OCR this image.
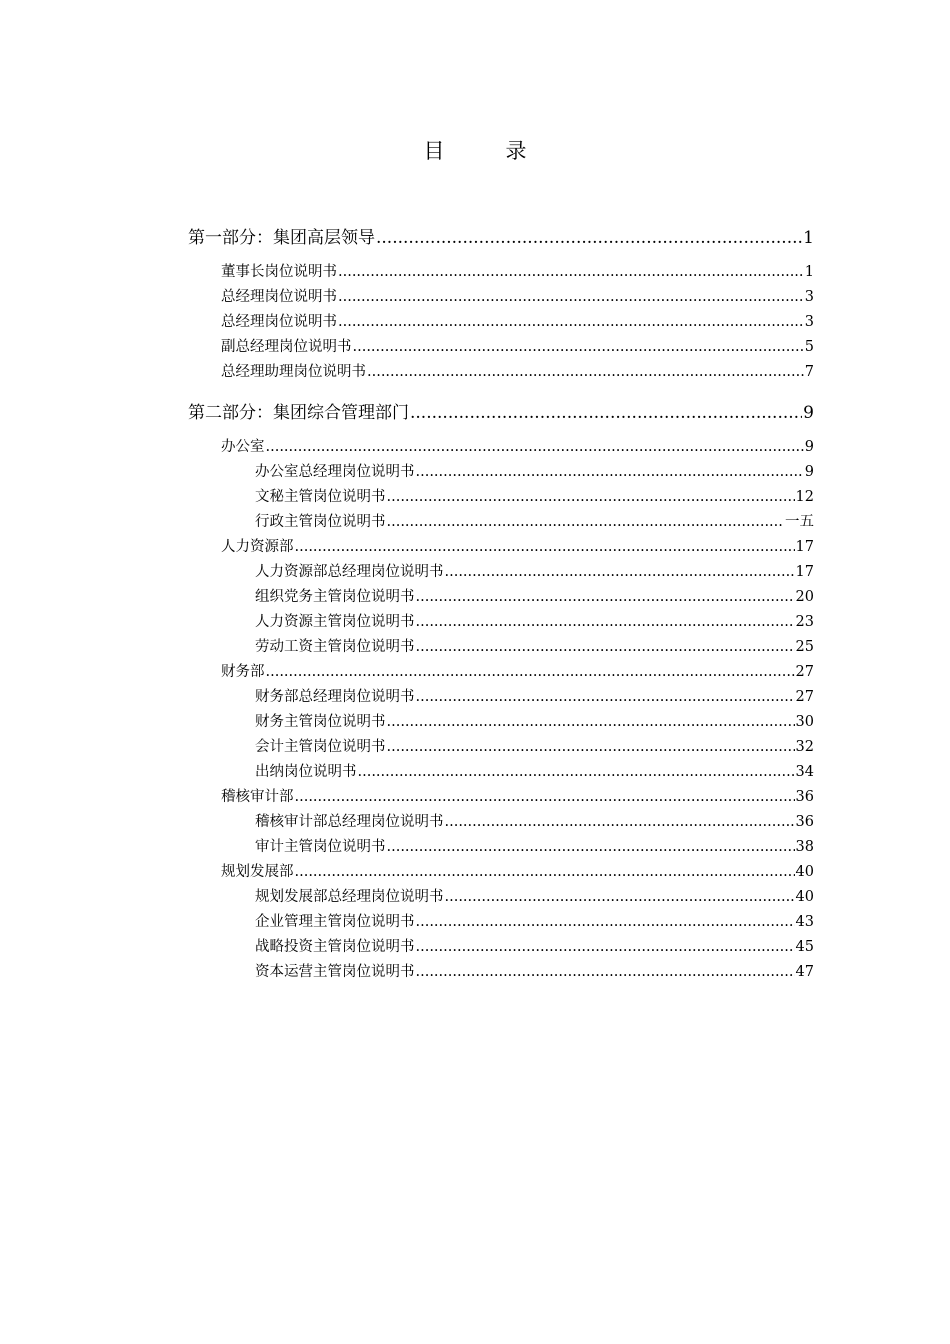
目　录
第一部分：集团高层领导 .....	1
董事长岗位说明书 .....	1
总经理岗位说明书 .....	3
总经理岗位说明书 .....	3
副总经理岗位说明书 .....	5
总经理助理岗位说明书 .....	7
第二部分：集团综合管理部门 .....	9
办公室 .....	9
办公室总经理岗位说明书 .....	9
文秘主管岗位说明书 .....	12
行政主管岗位说明书 .....	一五
人力资源部 .....	17
人力资源部总经理岗位说明书 .....	17
组织党务主管岗位说明书 .....	20
人力资源主管岗位说明书 .....	23
劳动工资主管岗位说明书 .....	25
财务部 .....	27
财务部总经理岗位说明书 .....	27
财务主管岗位说明书 .....	30
会计主管岗位说明书 .....	32
出纳岗位说明书 .....	34
稽核审计部 .....	36
稽核审计部总经理岗位说明书 .....	36
审计主管岗位说明书 .....	38
规划发展部 .....	40
规划发展部总经理岗位说明书 .....	40
企业管理主管岗位说明书 .....	43
战略投资主管岗位说明书 .....	45
资本运营主管岗位说明书 .....	47
